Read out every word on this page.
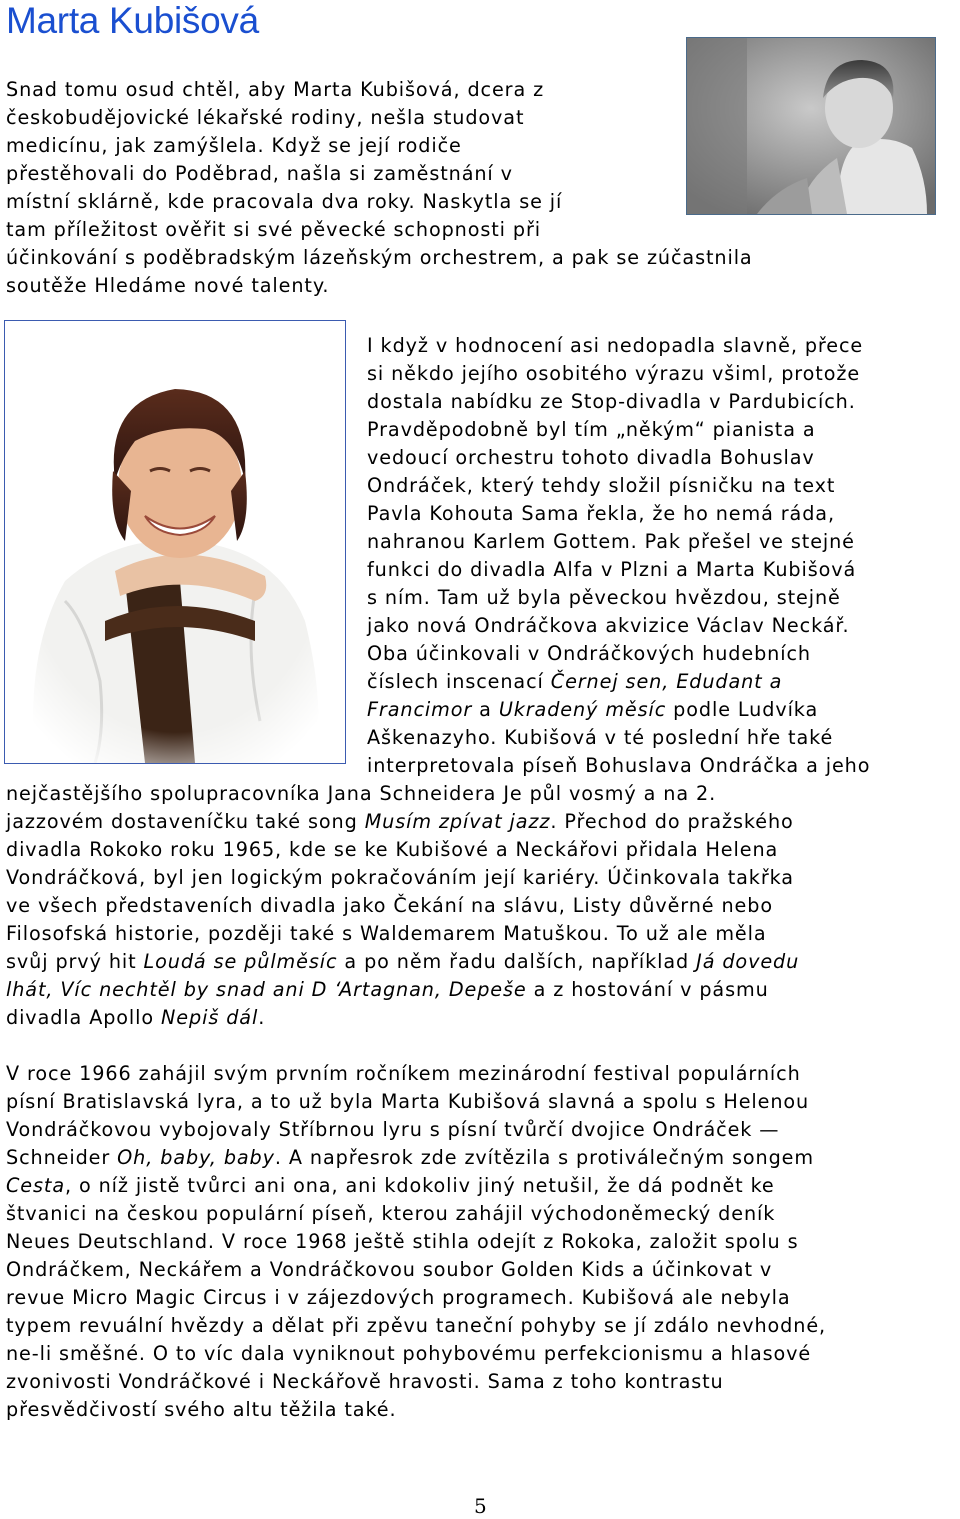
Marta Kubišová
Snad tomu osud chtěl, aby Marta Kubišová, dcera z
českobudějovické lékařské rodiny, nešla studovat
medicínu, jak zamýšlela. Když se její rodiče
přestěhovali do Poděbrad, našla si zaměstnání v
místní sklárně, kde pracovala dva roky. Naskytla se jí
tam příležitost ověřit si své pěvecké schopnosti při
účinkování s poděbradským lázeňským orchestrem, a pak se zúčastnila
soutěže Hledáme nové talenty.
I když v hodnocení asi nedopadla slavně, přece
si někdo jejího osobitého výrazu všiml, protože
dostala nabídku ze Stop-divadla v Pardubicích.
Pravděpodobně byl tím „někým“ pianista a
vedoucí orchestru tohoto divadla Bohuslav
Ondráček, který tehdy složil písničku na text
Pavla Kohouta Sama řekla, že ho nemá ráda,
nahranou Karlem Gottem. Pak přešel ve stejné
funkci do divadla Alfa v Plzni a Marta Kubišová
s ním. Tam už byla pěveckou hvězdou, stejně
jako nová Ondráčkova akvizice Václav Neckář.
Oba účinkovali v Ondráčkových hudebních
číslech inscenací Černej sen, Edudant a
Francimor a Ukradený měsíc podle Ludvíka
Aškenazyho. Kubišová v té poslední hře také
interpretovala píseň Bohuslava Ondráčka a jeho
nejčastějšího spolupracovníka Jana Schneidera Je půl vosmý a na 2.
jazzovém dostaveníčku také song Musím zpívat jazz. Přechod do pražského
divadla Rokoko roku 1965, kde se ke Kubišové a Neckářovi přidala Helena
Vondráčková, byl jen logickým pokračováním její kariéry. Účinkovala takřka
ve všech představeních divadla jako Čekání na slávu, Listy důvěrné nebo
Filosofská historie, později také s Waldemarem Matuškou. To už ale měla
svůj prvý hit Loudá se půlměsíc a po něm řadu dalších, například Já dovedu
lhát, Víc nechtěl by snad ani D ‘Artagnan, Depeše a z hostování v pásmu
divadla Apollo Nepiš dál.
V roce 1966 zahájil svým prvním ročníkem mezinárodní festival populárních
písní Bratislavská lyra, a to už byla Marta Kubišová slavná a spolu s Helenou
Vondráčkovou vybojovaly Stříbrnou lyru s písní tvůrčí dvojice Ondráček —
Schneider Oh, baby, baby. A napřesrok zde zvítězila s protiválečným songem
Cesta, o níž jistě tvůrci ani ona, ani kdokoliv jiný netušil, že dá podnět ke
štvanici na českou populární píseň, kterou zahájil východoněmecký deník
Neues Deutschland. V roce 1968 ještě stihla odejít z Rokoka, založit spolu s
Ondráčkem, Neckářem a Vondráčkovou soubor Golden Kids a účinkovat v
revue Micro Magic Circus i v zájezdových programech. Kubišová ale nebyla
typem revuální hvězdy a dělat při zpěvu taneční pohyby se jí zdálo nevhodné,
ne-li směšné. O to víc dala vyniknout pohybovému perfekcionismu a hlasové
zvonivosti Vondráčkové i Neckářově hravosti. Sama z toho kontrastu
přesvědčivostí svého altu těžila také.
5
